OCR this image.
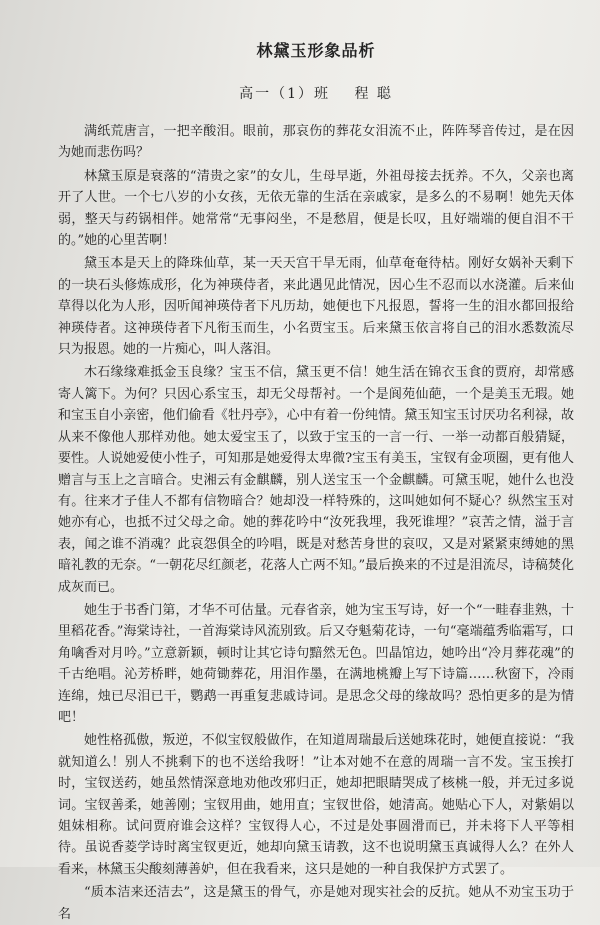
林黛玉形象品析
高一（1）班 程 聪

满纸荒唐言，一把辛酸泪。眼前，那哀伤的葬花女泪流不止，阵阵琴音传过，是在因为她而悲伤吗？

林黛玉原是衰落的“清贵之家”的女儿，生母早逝，外祖母接去抚养。不久，父亲也离开了人世。一个七八岁的小女孩，无依无靠的生活在亲戚家，是多么的不易啊！她先天体弱，整天与药锅相伴。她常常“无事闷坐，不是愁眉，便是长叹，且好端端的便自泪不干的。”她的心里苦啊！

黛玉本是天上的降珠仙草，某一天天宫干旱无雨，仙草奄奄待枯。刚好女娲补天剩下的一块石头修炼成形，化为神瑛侍者，来此遇见此情况，因心生不忍而以水浇灌。后来仙草得以化为人形，因听闻神瑛侍者下凡历劫，她便也下凡报恩，誓将一生的泪水都回报给神瑛侍者。这神瑛侍者下凡衔玉而生，小名贾宝玉。后来黛玉依言将自己的泪水悉数流尽只为报恩。她的一片痴心，叫人落泪。

木石缘缘难抵金玉良缘？宝玉不信，黛玉更不信！她生活在锦衣玉食的贾府，却常感寄人篱下。为何？只因心系宝玉，却无父母帮衬。一个是阆苑仙葩，一个是美玉无瑕。她和宝玉自小亲密，他们偷看《牡丹亭》，心中有着一份纯情。黛玉知宝玉讨厌功名利禄，故从来不像他人那样劝他。她太爱宝玉了，以致于宝玉的一言一行、一举一动都百般猜疑，要性。人说她爱使小性子，可知那是她爱得太卑微?宝玉有美玉，宝钗有金项圈，更有他人赠言与玉上之言暗合。史湘云有金麒麟，别人送宝玉一个金麒麟。可黛玉呢，她什么也没有。往来才子佳人不都有信物暗合？她却没一样特殊的，这叫她如何不疑心？纵然宝玉对她亦有心，也抵不过父母之命。她的葬花吟中“汝死我埋，我死谁埋？”哀苦之情，溢于言表，闻之谁不消魂？此哀怨俱全的吟唱，既是对愁苦身世的哀叹，又是对紧紧束缚她的黑暗礼教的无奈。“一朝花尽红颜老，花落人亡两不知。”最后换来的不过是泪流尽，诗稿焚化成灰而已。

她生于书香门第，才华不可估量。元春省亲，她为宝玉写诗，好一个“一畦春韭熟，十里稻花香。”海棠诗社，一首海棠诗风流别致。后又夺魁菊花诗，一句“毫端蕴秀临霜写，口角噙香对月吟。”立意新颖，顿时让其它诗句黯然无色。凹晶馆边，她吟出“冷月葬花魂”的千古绝唱。沁芳桥畔，她荷锄葬花，用泪作墨，在满地桃瓣上写下诗篇……秋窗下，冷雨连绵，烛已尽泪已干，鹦鹉一再重复悲戚诗词。是思念父母的缘故吗？恐怕更多的是为情吧！

她性格孤傲，叛逆，不似宝钗般做作，在知道周瑞最后送她珠花时，她便直接说：“我就知道么！别人不挑剩下的也不送给我呀！”让本对她不在意的周瑞一言不发。宝玉挨打时，宝钗送药，她虽然情深意地劝他改邪归正，她却把眼睛哭成了核桃一般，并无过多说词。宝钗善柔，她善刚；宝钗用曲，她用直；宝钗世俗，她清高。她贴心下人，对紫娟以姐妹相称。试问贾府谁会这样？宝钗得人心，不过是处事圆滑而已，并未将下人平等相待。虽说香菱学诗时离宝钗更近，她却向黛玉请教，这不也说明黛玉真诚得人么？在外人看来，林黛玉尖酸刻薄善妒，但在我看来，这只是她的一种自我保护方式罢了。

“质本洁来还洁去”，这是黛玉的骨气，亦是她对现实社会的反抗。她从不劝宝玉功于名
